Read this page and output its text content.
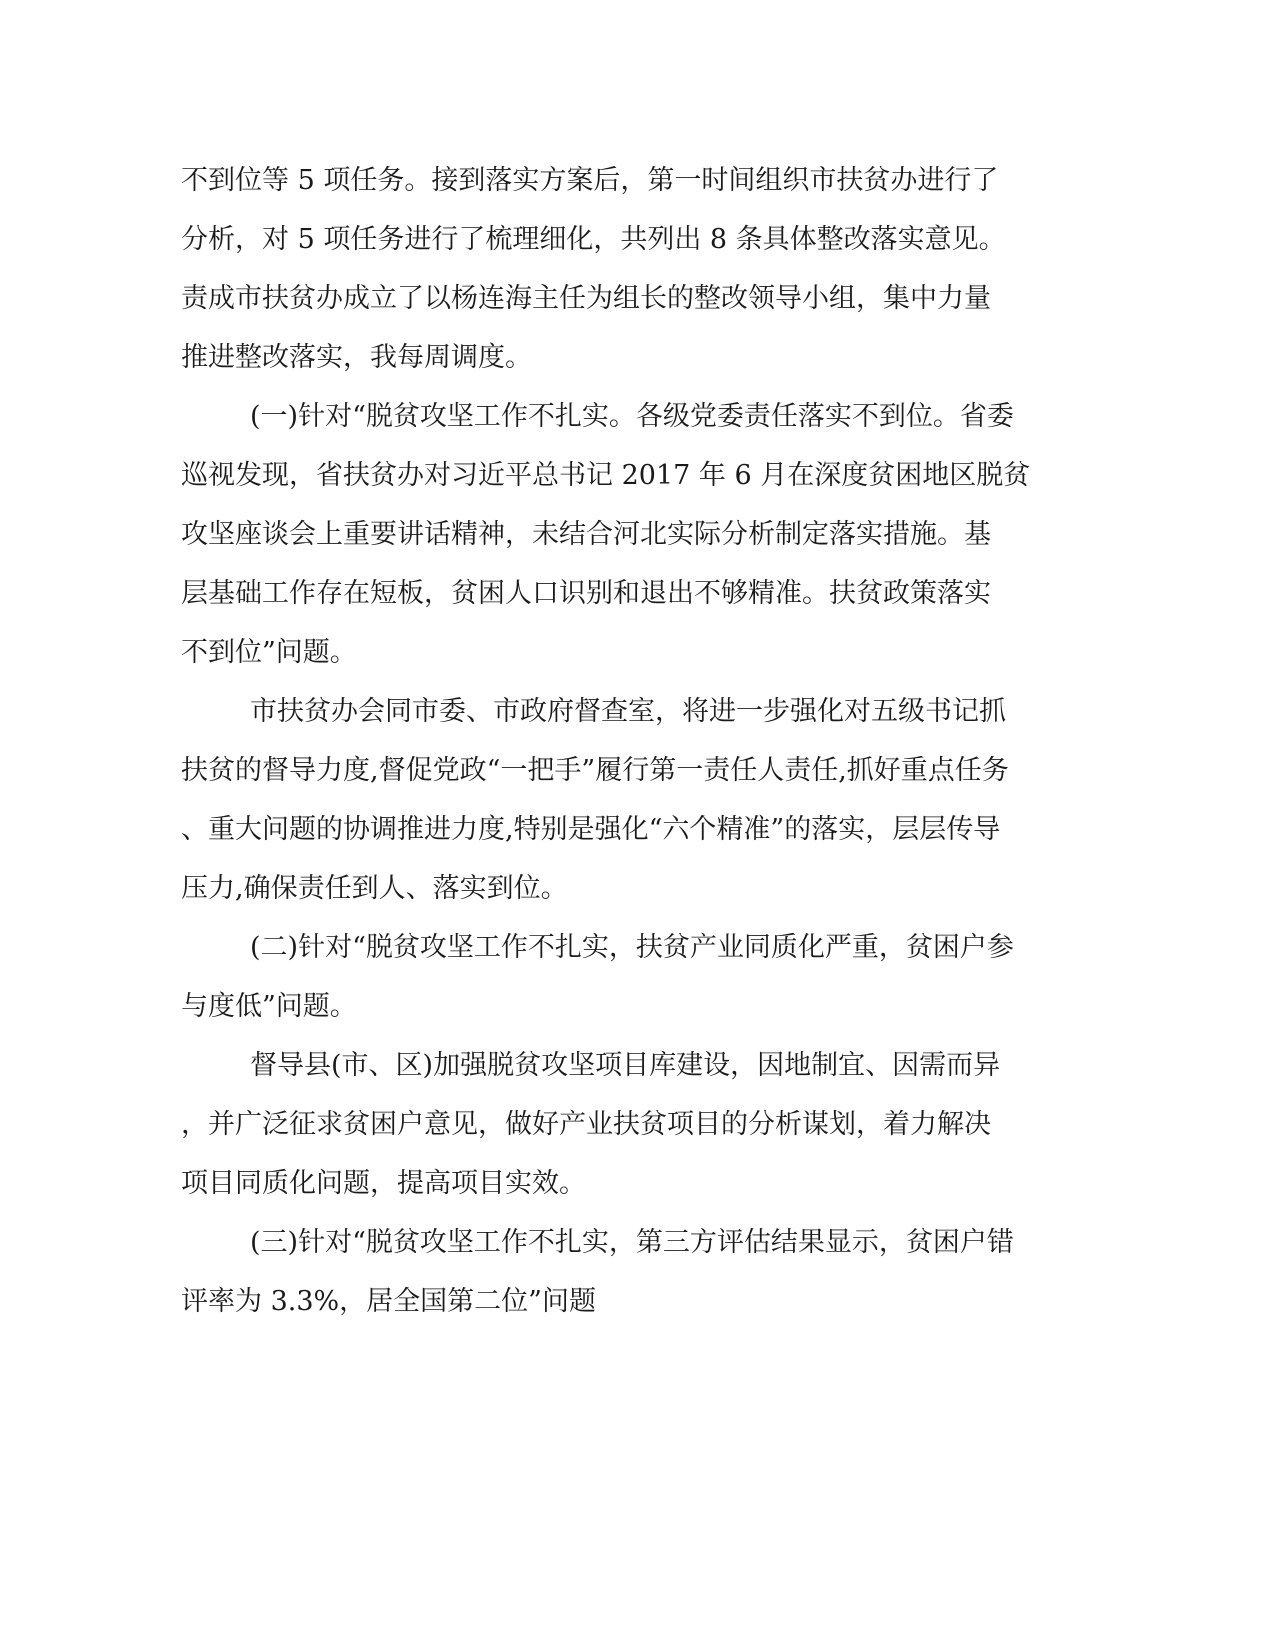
不到位等 5 项任务。接到落实方案后，第一时间组织市扶贫办进行了
分析，对 5 项任务进行了梳理细化，共列出 8 条具体整改落实意见。
责成市扶贫办成立了以杨连海主任为组长的整改领导小组，集中力量
推进整改落实，我每周调度。
(一)针对“脱贫攻坚工作不扎实。各级党委责任落实不到位。省委
巡视发现，省扶贫办对习近平总书记 2017 年 6 月在深度贫困地区脱贫
攻坚座谈会上重要讲话精神，未结合河北实际分析制定落实措施。基
层基础工作存在短板，贫困人口识别和退出不够精准。扶贫政策落实
不到位”问题。
市扶贫办会同市委、市政府督查室，将进一步强化对五级书记抓
扶贫的督导力度,督促党政“一把手”履行第一责任人责任,抓好重点任务
、重大问题的协调推进力度,特别是强化“六个精准”的落实，层层传导
压力,确保责任到人、落实到位。
(二)针对“脱贫攻坚工作不扎实，扶贫产业同质化严重，贫困户参
与度低”问题。
督导县(市、区)加强脱贫攻坚项目库建设，因地制宜、因需而异
，并广泛征求贫困户意见，做好产业扶贫项目的分析谋划，着力解决
项目同质化问题，提高项目实效。
(三)针对“脱贫攻坚工作不扎实，第三方评估结果显示，贫困户错
评率为 3.3%，居全国第二位”问题
